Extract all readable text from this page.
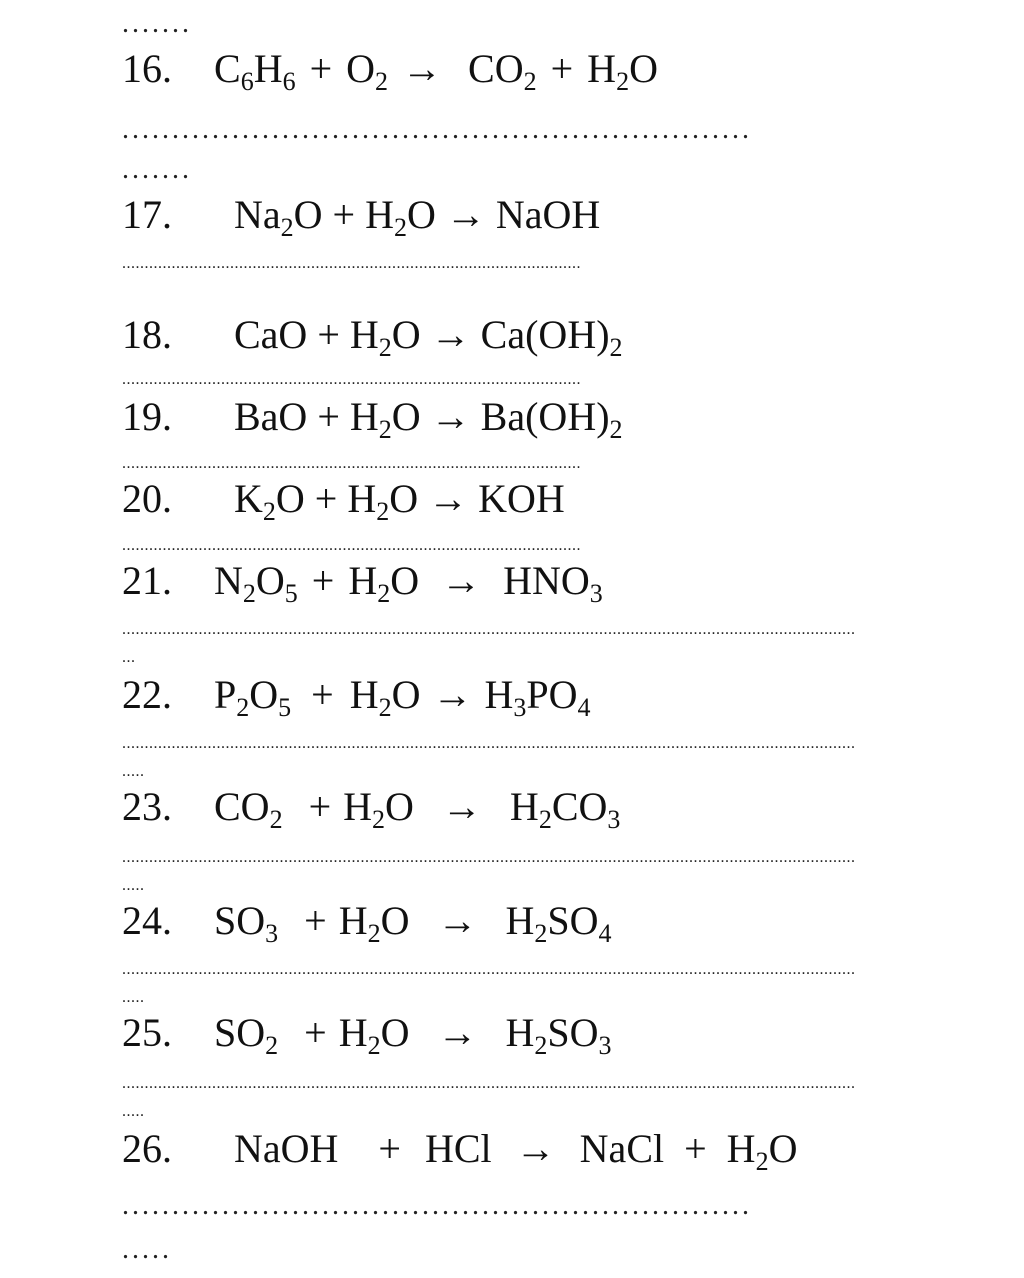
.......
16. $C_6H_6 + O_2 \to CO_2 + H_2O$
...............................................................
.......
17. $Na_2O + H_2O$ → NaOH
......................................................................................................
18. CaO + $H_2O \to Ca(OH)_2$
......................................................................................................
19. BaO + $H_2O \to Ba(OH)_2$
......................................................................................................
20. $K_2O + H_2O$ → KOH
......................................................................................................
21. $N_2O_5 + H_2O \to HNO_3$
...................................................................................................................................................................
...
22. $P_2O_5 + H_2O \to H_3PO_4$
...................................................................................................................................................................
.....
23. $CO_2 + H_2O \to H_2CO_3$
...................................................................................................................................................................
.....
24. $SO_3 + H_2O \to H_2SO_4$
...................................................................................................................................................................
.....
25. $SO_2 + H_2O \to H_2SO_3$
...................................................................................................................................................................
.....
26. NaOH + HCl → NaCl + $H_2O$
...............................................................
.....
